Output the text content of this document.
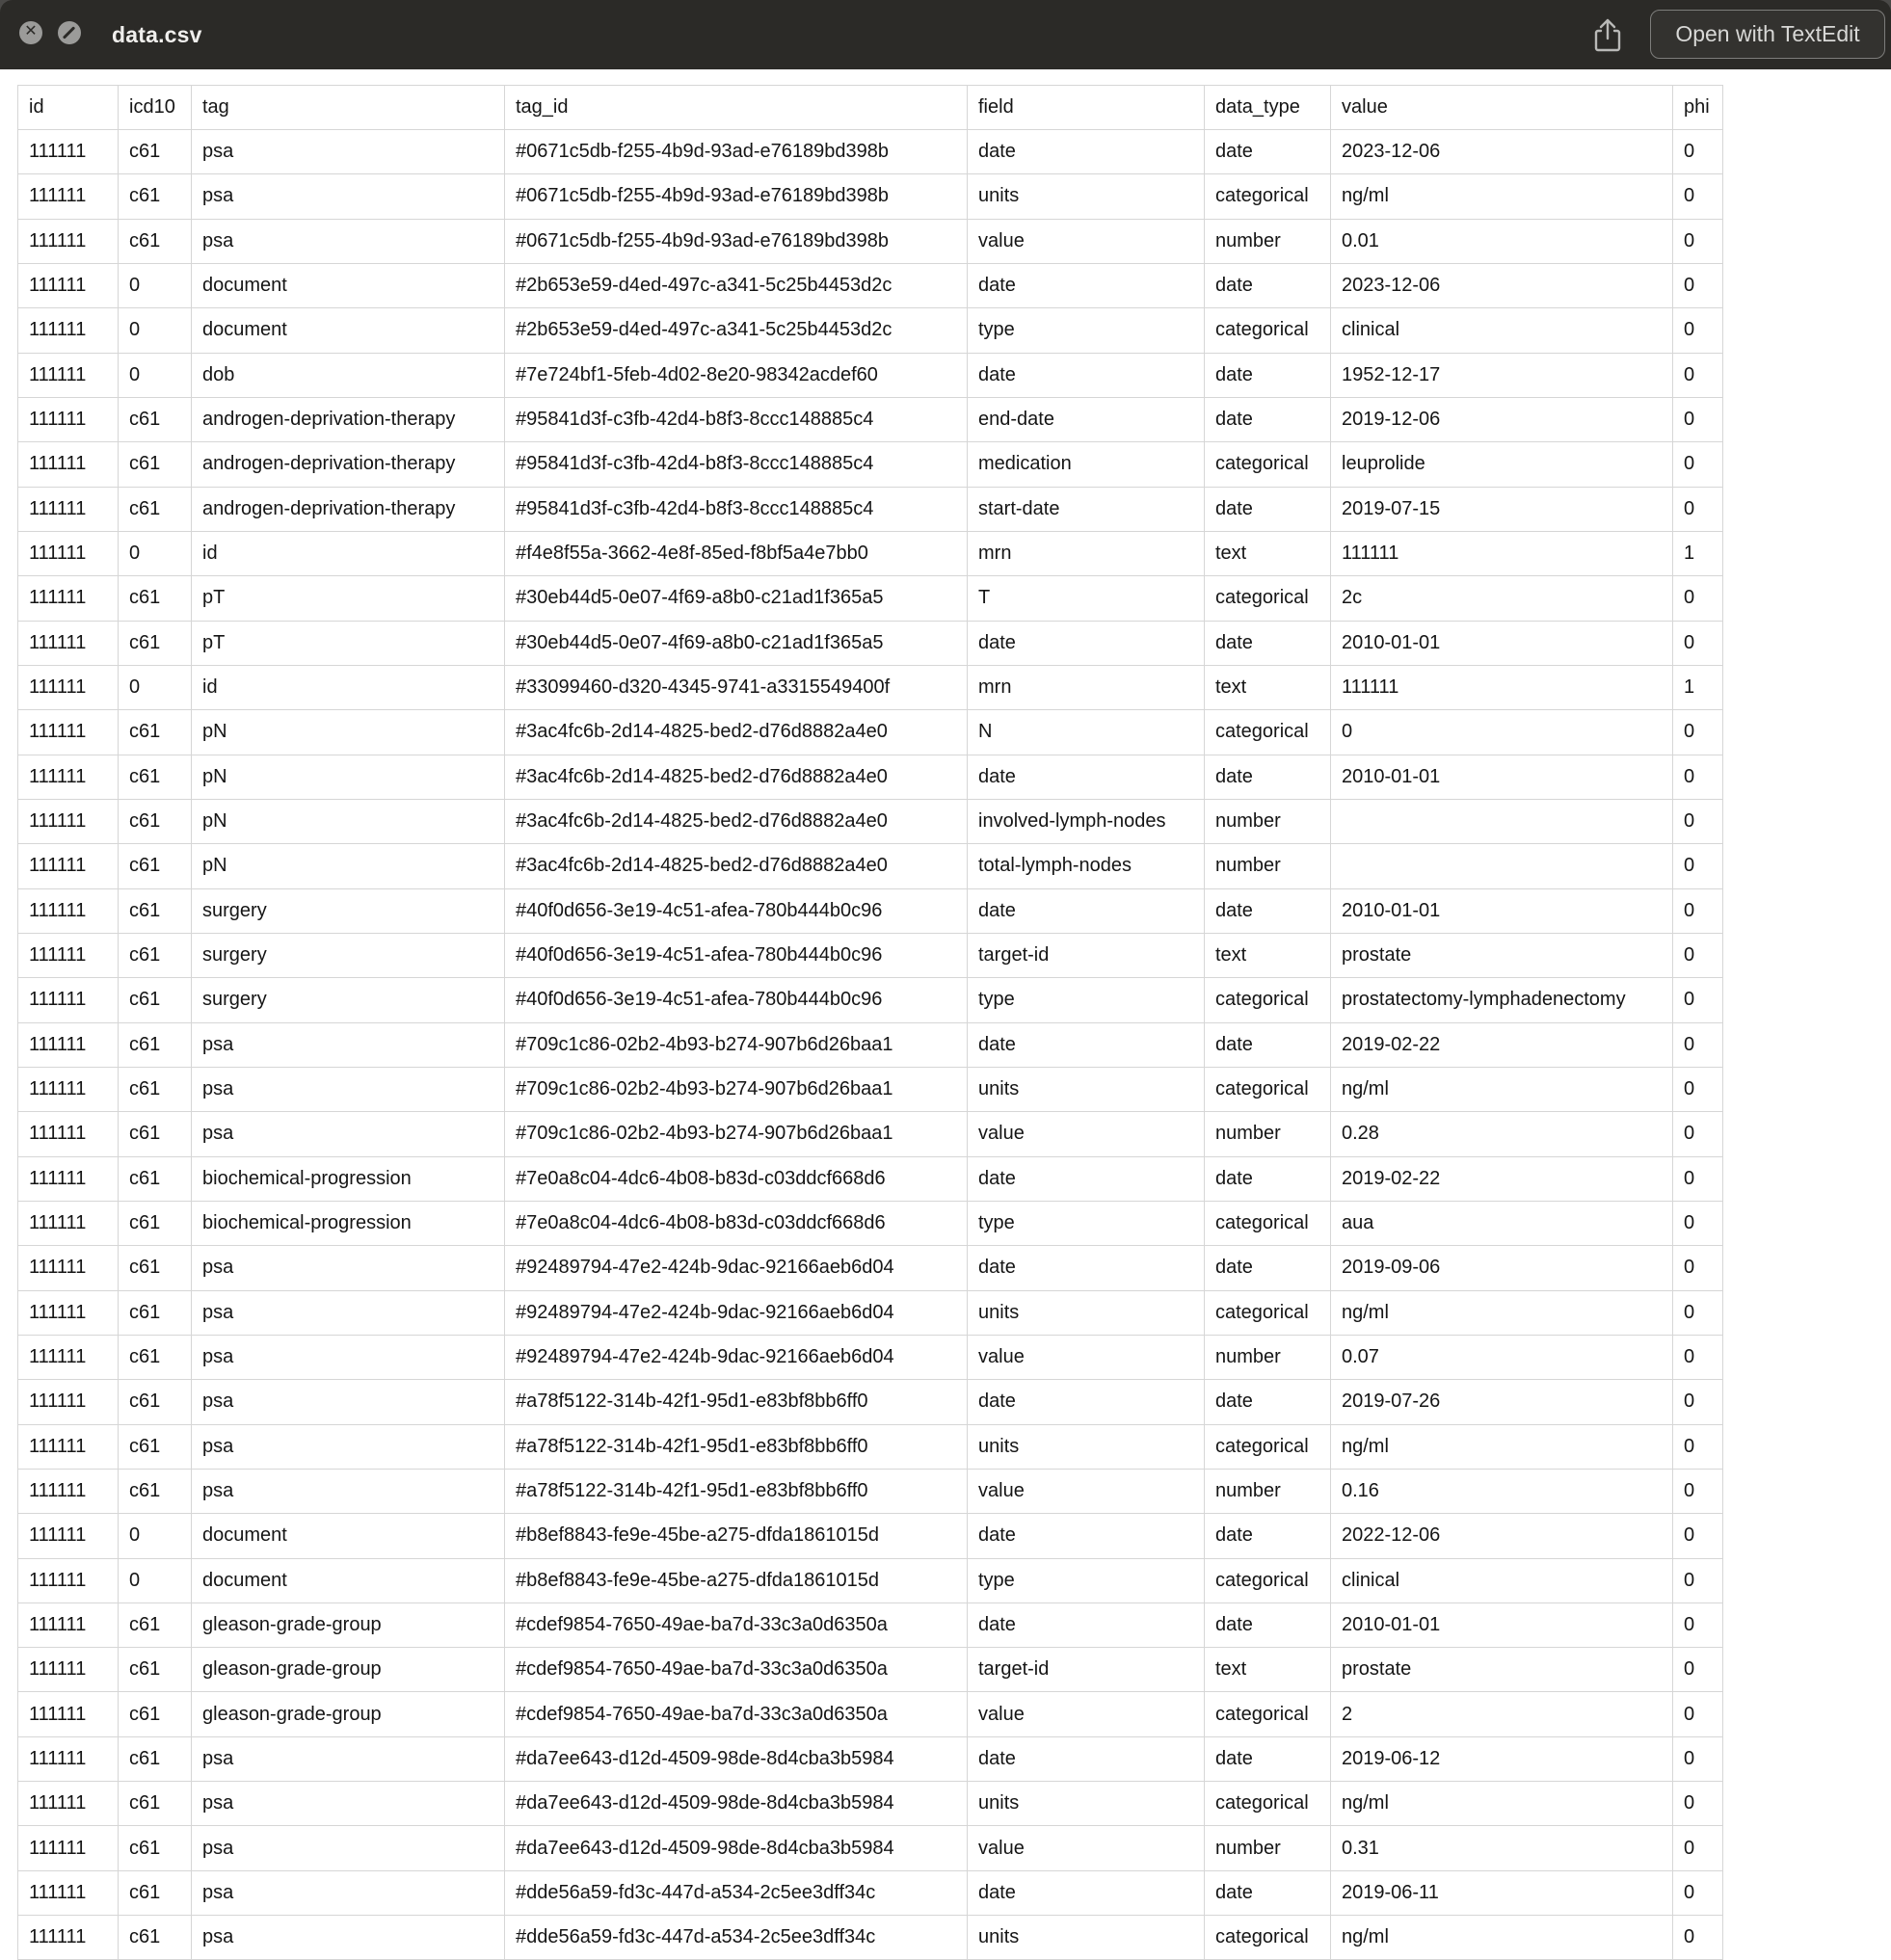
✕	data.csv	Open with TextEdit
id	icd10	tag	tag_id	field	data_type	value	phi
111111	c61	psa	#0671c5db-f255-4b9d-93ad-e76189bd398b	date	date	2023-12-06	0
111111	c61	psa	#0671c5db-f255-4b9d-93ad-e76189bd398b	units	categorical	ng/ml	0
111111	c61	psa	#0671c5db-f255-4b9d-93ad-e76189bd398b	value	number	0.01	0
111111	0	document	#2b653e59-d4ed-497c-a341-5c25b4453d2c	date	date	2023-12-06	0
111111	0	document	#2b653e59-d4ed-497c-a341-5c25b4453d2c	type	categorical	clinical	0
111111	0	dob	#7e724bf1-5feb-4d02-8e20-98342acdef60	date	date	1952-12-17	0
111111	c61	androgen-deprivation-therapy	#95841d3f-c3fb-42d4-b8f3-8ccc148885c4	end-date	date	2019-12-06	0
111111	c61	androgen-deprivation-therapy	#95841d3f-c3fb-42d4-b8f3-8ccc148885c4	medication	categorical	leuprolide	0
111111	c61	androgen-deprivation-therapy	#95841d3f-c3fb-42d4-b8f3-8ccc148885c4	start-date	date	2019-07-15	0
111111	0	id	#f4e8f55a-3662-4e8f-85ed-f8bf5a4e7bb0	mrn	text	111111	1
111111	c61	pT	#30eb44d5-0e07-4f69-a8b0-c21ad1f365a5	T	categorical	2c	0
111111	c61	pT	#30eb44d5-0e07-4f69-a8b0-c21ad1f365a5	date	date	2010-01-01	0
111111	0	id	#33099460-d320-4345-9741-a3315549400f	mrn	text	111111	1
111111	c61	pN	#3ac4fc6b-2d14-4825-bed2-d76d8882a4e0	N	categorical	0	0
111111	c61	pN	#3ac4fc6b-2d14-4825-bed2-d76d8882a4e0	date	date	2010-01-01	0
111111	c61	pN	#3ac4fc6b-2d14-4825-bed2-d76d8882a4e0	involved-lymph-nodes	number		0
111111	c61	pN	#3ac4fc6b-2d14-4825-bed2-d76d8882a4e0	total-lymph-nodes	number		0
111111	c61	surgery	#40f0d656-3e19-4c51-afea-780b444b0c96	date	date	2010-01-01	0
111111	c61	surgery	#40f0d656-3e19-4c51-afea-780b444b0c96	target-id	text	prostate	0
111111	c61	surgery	#40f0d656-3e19-4c51-afea-780b444b0c96	type	categorical	prostatectomy-lymphadenectomy	0
111111	c61	psa	#709c1c86-02b2-4b93-b274-907b6d26baa1	date	date	2019-02-22	0
111111	c61	psa	#709c1c86-02b2-4b93-b274-907b6d26baa1	units	categorical	ng/ml	0
111111	c61	psa	#709c1c86-02b2-4b93-b274-907b6d26baa1	value	number	0.28	0
111111	c61	biochemical-progression	#7e0a8c04-4dc6-4b08-b83d-c03ddcf668d6	date	date	2019-02-22	0
111111	c61	biochemical-progression	#7e0a8c04-4dc6-4b08-b83d-c03ddcf668d6	type	categorical	aua	0
111111	c61	psa	#92489794-47e2-424b-9dac-92166aeb6d04	date	date	2019-09-06	0
111111	c61	psa	#92489794-47e2-424b-9dac-92166aeb6d04	units	categorical	ng/ml	0
111111	c61	psa	#92489794-47e2-424b-9dac-92166aeb6d04	value	number	0.07	0
111111	c61	psa	#a78f5122-314b-42f1-95d1-e83bf8bb6ff0	date	date	2019-07-26	0
111111	c61	psa	#a78f5122-314b-42f1-95d1-e83bf8bb6ff0	units	categorical	ng/ml	0
111111	c61	psa	#a78f5122-314b-42f1-95d1-e83bf8bb6ff0	value	number	0.16	0
111111	0	document	#b8ef8843-fe9e-45be-a275-dfda1861015d	date	date	2022-12-06	0
111111	0	document	#b8ef8843-fe9e-45be-a275-dfda1861015d	type	categorical	clinical	0
111111	c61	gleason-grade-group	#cdef9854-7650-49ae-ba7d-33c3a0d6350a	date	date	2010-01-01	0
111111	c61	gleason-grade-group	#cdef9854-7650-49ae-ba7d-33c3a0d6350a	target-id	text	prostate	0
111111	c61	gleason-grade-group	#cdef9854-7650-49ae-ba7d-33c3a0d6350a	value	categorical	2	0
111111	c61	psa	#da7ee643-d12d-4509-98de-8d4cba3b5984	date	date	2019-06-12	0
111111	c61	psa	#da7ee643-d12d-4509-98de-8d4cba3b5984	units	categorical	ng/ml	0
111111	c61	psa	#da7ee643-d12d-4509-98de-8d4cba3b5984	value	number	0.31	0
111111	c61	psa	#dde56a59-fd3c-447d-a534-2c5ee3dff34c	date	date	2019-06-11	0
111111	c61	psa	#dde56a59-fd3c-447d-a534-2c5ee3dff34c	units	categorical	ng/ml	0
